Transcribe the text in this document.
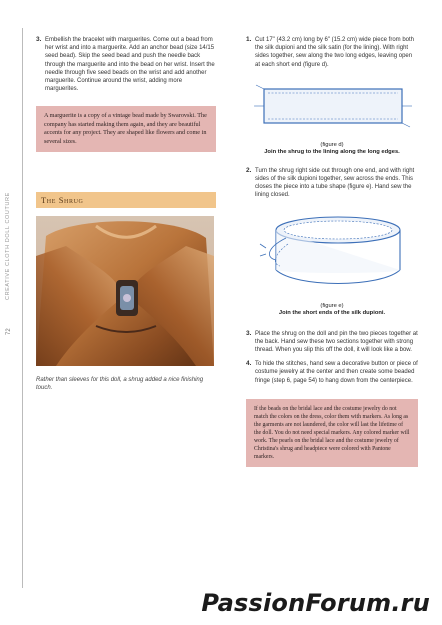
CREATIVE CLOTH DOLL COUTURE
72
3. Embellish the bracelet with marguerites. Come out a bead from her wrist and into a marguerite. Add an anchor bead (size 14/15 seed bead). Skip the seed bead and push the needle back through the marguerite and into the bead on her wrist. Insert the needle through five seed beads on the wrist and add another marguerite. Continue around the wrist, adding more marguerites.
A marguerite is a copy of a vintage bead made by Swarovski. The company has started making them again, and they are beautiful accents for any project. They are shaped like flowers and come in several sizes.
The Shrug
Rather than sleeves for this doll, a shrug added a nice finishing touch.
1. Cut 17" (43.2 cm) long by 6" (15.2 cm) wide piece from both the silk dupioni and the silk satin (for the lining). With right sides together, sew along the two long edges, leaving open at each short end (figure d).
(figure d)
Join the shrug to the lining along the long edges.
2. Turn the shrug right side out through one end, and with right sides of the silk dupioni together, sew across the ends. This closes the piece into a tube shape (figure e). Hand sew the lining closed.
(figure e)
Join the short ends of the silk dupioni.
3. Place the shrug on the doll and pin the two pieces together at the back. Hand sew these two sections together with strong thread. When you slip this off the doll, it will look like a bow.
4. To hide the stitches, hand sew a decorative button or piece of costume jewelry at the center and then create some beaded fringe (step 6, page 54) to hang down from the centerpiece.
If the beads on the bridal lace and the costume jewelry do not match the colors on the dress, color them with markers. As long as the garments are not laundered, the color will last the lifetime of the doll. You do not need special markers. Any colored marker will work. The pearls on the bridal lace and the costume jewelry of Christina's shrug and headpiece were colored with Pantone markers.
PassionForum.ru
